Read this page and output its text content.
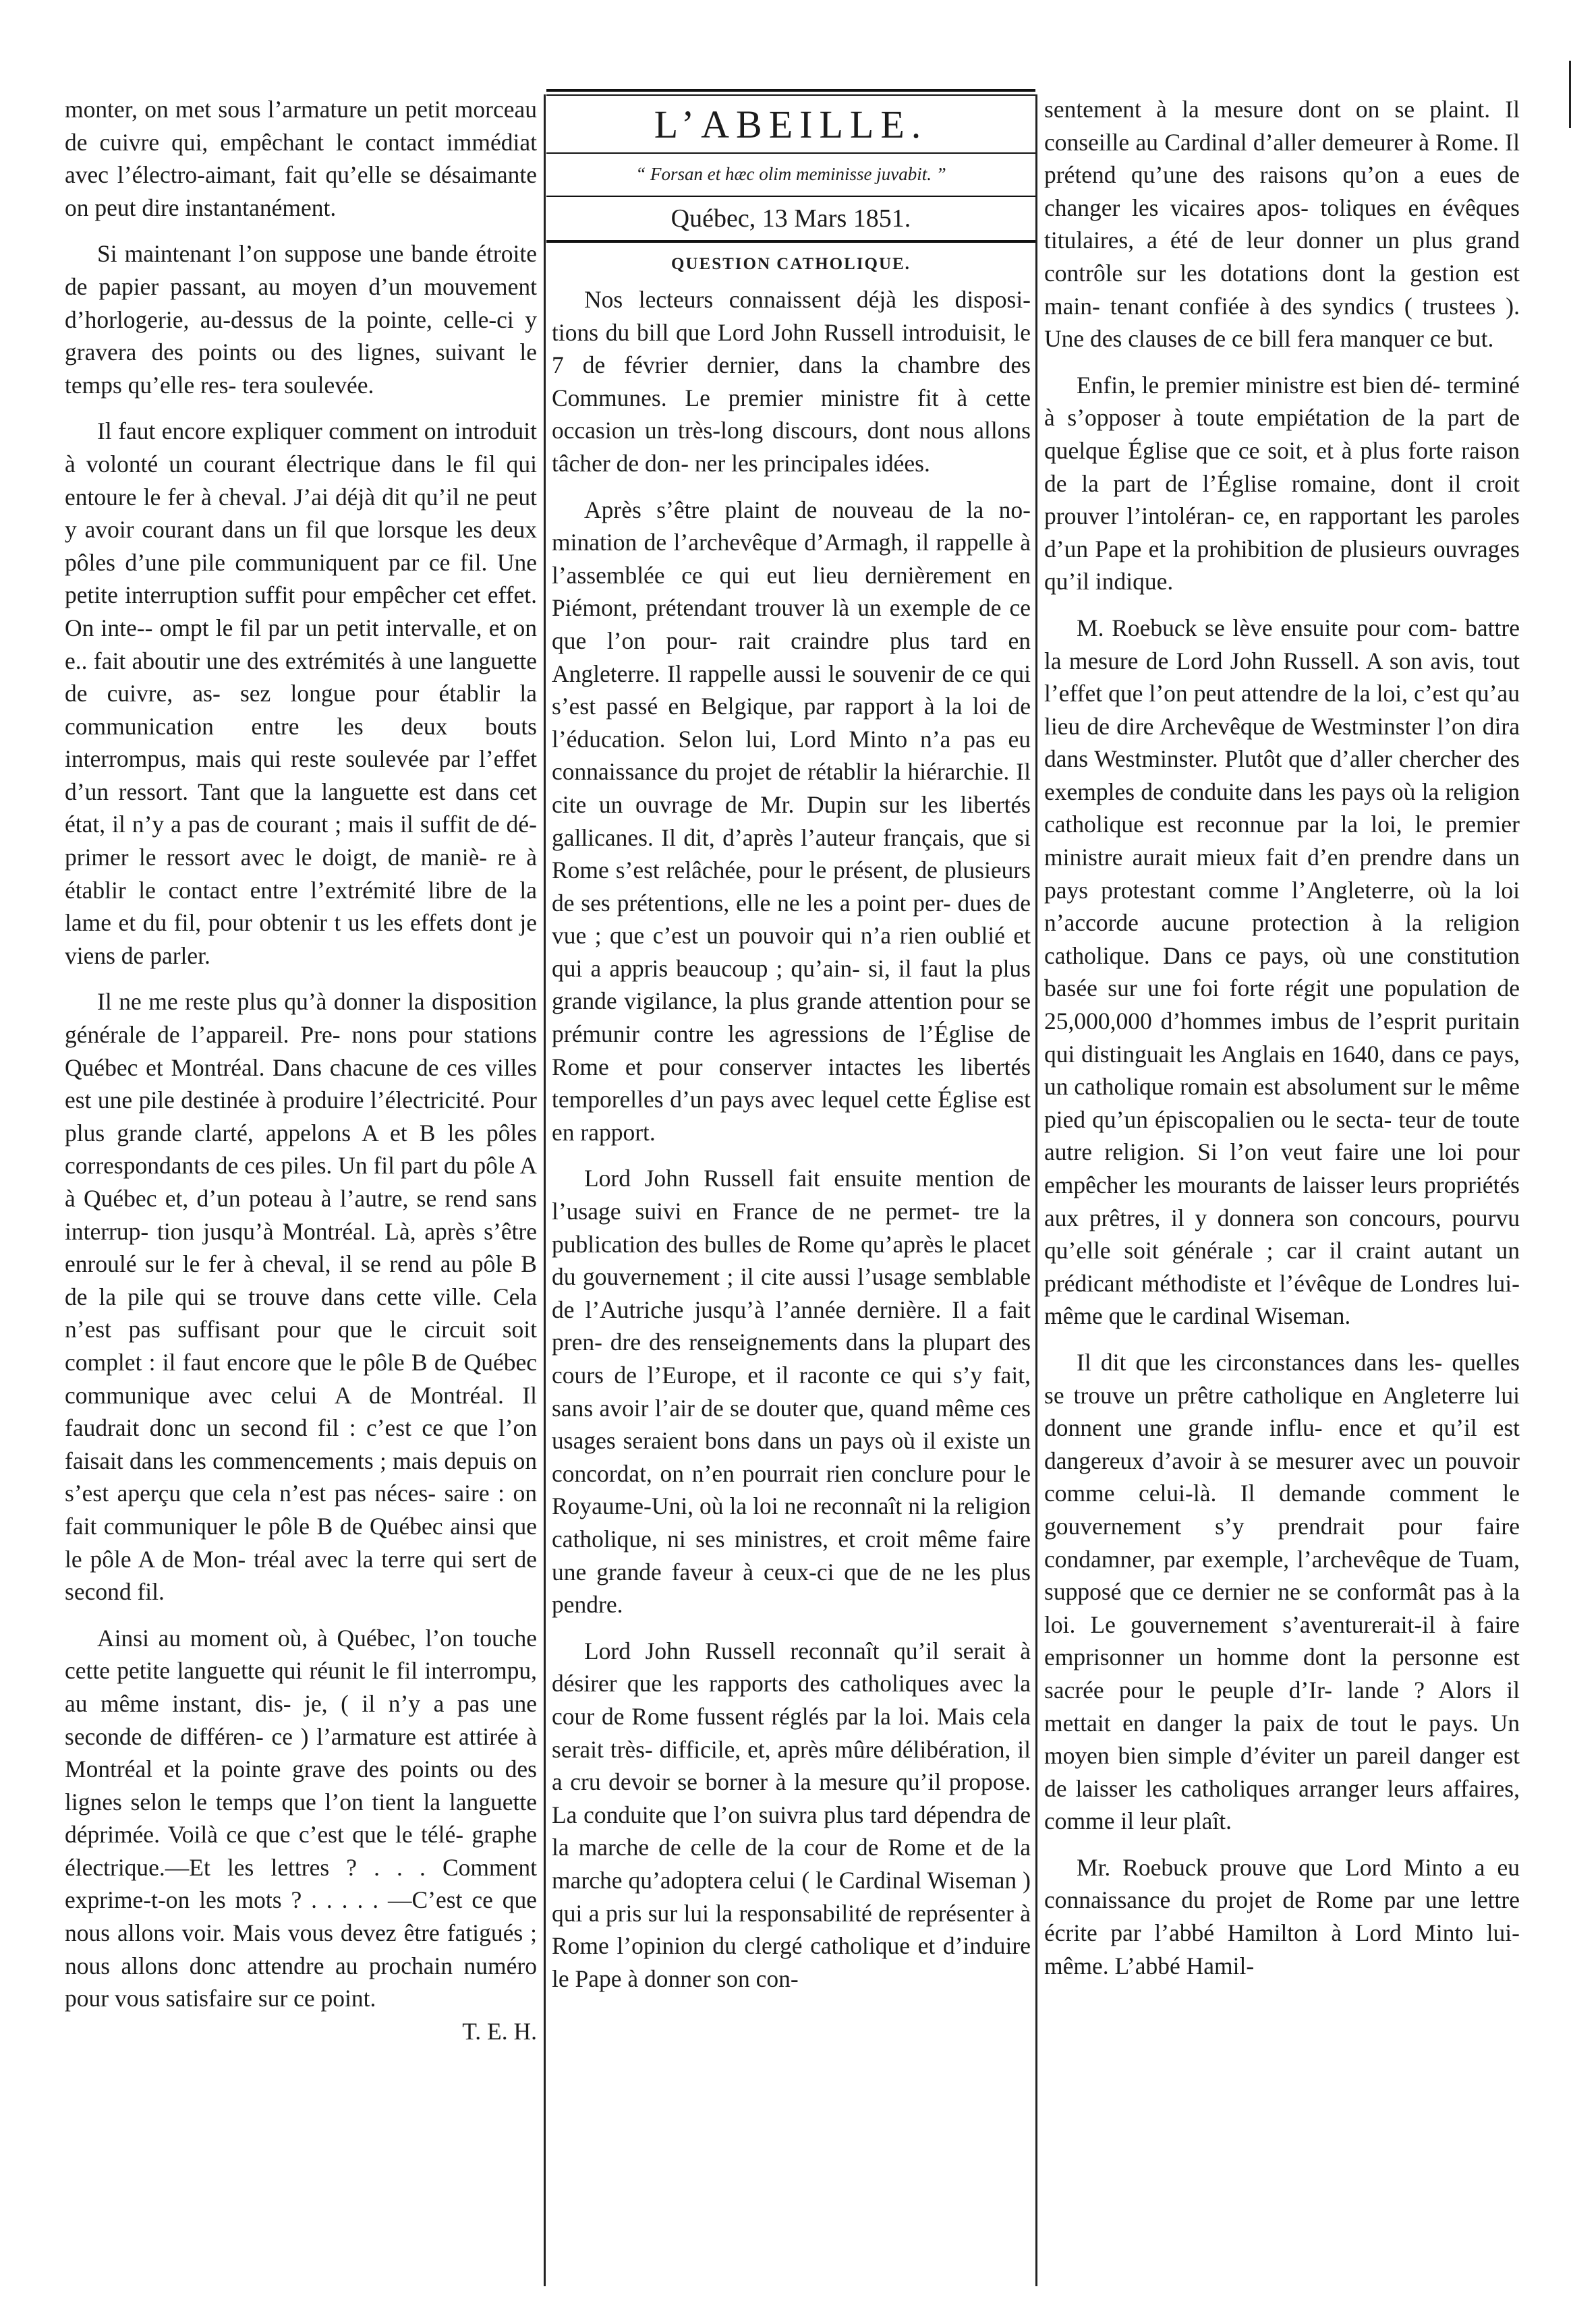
monter, on met sous l’armature un petit morceau de cuivre qui, empêchant le contact immédiat avec l’électro-aimant, fait qu’elle se désaimante on peut dire instantanément.

Si maintenant l’on suppose une bande étroite de papier passant, au moyen d’un mouvement d’horlogerie, au-dessus de la pointe, celle-ci y gravera des points ou des lignes, suivant le temps qu’elle res- tera soulevée.

Il faut encore expliquer comment on introduit à volonté un courant électrique dans le fil qui entoure le fer à cheval. J’ai déjà dit qu’il ne peut y avoir courant dans un fil que lorsque les deux pôles d’une pile communiquent par ce fil. Une petite interruption suffit pour empêcher cet effet. On inte-- ompt le fil par un petit intervalle, et on e.. fait aboutir une des extrémités à une languette de cuivre, as- sez longue pour établir la communication entre les deux bouts interrompus, mais qui reste soulevée par l’effet d’un ressort. Tant que la languette est dans cet état, il n’y a pas de courant ; mais il suffit de dé- primer le ressort avec le doigt, de maniè- re à établir le contact entre l’extrémité libre de la lame et du fil, pour obtenir t us les effets dont je viens de parler.

Il ne me reste plus qu’à donner la disposition générale de l’appareil. Pre- nons pour stations Québec et Montréal. Dans chacune de ces villes est une pile destinée à produire l’électricité. Pour plus grande clarté, appelons A et B les pôles correspondants de ces piles. Un fil part du pôle A à Québec et, d’un poteau à l’autre, se rend sans interrup- tion jusqu’à Montréal. Là, après s’être enroulé sur le fer à cheval, il se rend au pôle B de la pile qui se trouve dans cette ville. Cela n’est pas suffisant pour que le circuit soit complet : il faut encore que le pôle B de Québec communique avec celui A de Montréal. Il faudrait donc un second fil : c’est ce que l’on faisait dans les commencements ; mais depuis on s’est aperçu que cela n’est pas néces- saire : on fait communiquer le pôle B de Québec ainsi que le pôle A de Mon- tréal avec la terre qui sert de second fil.

Ainsi au moment où, à Québec, l’on touche cette petite languette qui réunit le fil interrompu, au même instant, dis- je, ( il n’y a pas une seconde de différen- ce ) l’armature est attirée à Montréal et la pointe grave des points ou des lignes selon le temps que l’on tient la languette déprimée. Voilà ce que c’est que le télé- graphe électrique.—Et les lettres ? . . . Comment exprime-t-on les mots ? . . . . . —C’est ce que nous allons voir. Mais vous devez être fatigués ; nous allons donc attendre au prochain numéro pour vous satisfaire sur ce point.
T. E. H.

L’ABEILLE.
“ Forsan et hæc olim meminisse juvabit. ”
Québec, 13 Mars 1851.
QUESTION CATHOLIQUE.

Nos lecteurs connaissent déjà les disposi- tions du bill que Lord John Russell introduisit, le 7 de février dernier, dans la chambre des Communes. Le premier ministre fit à cette occasion un très-long discours, dont nous allons tâcher de don- ner les principales idées.

Après s’être plaint de nouveau de la no- mination de l’archevêque d’Armagh, il rappelle à l’assemblée ce qui eut lieu dernièrement en Piémont, prétendant trouver là un exemple de ce que l’on pour- rait craindre plus tard en Angleterre. Il rappelle aussi le souvenir de ce qui s’est passé en Belgique, par rapport à la loi de l’éducation. Selon lui, Lord Minto n’a pas eu connaissance du projet de rétablir la hiérarchie. Il cite un ouvrage de Mr. Dupin sur les libertés gallicanes. Il dit, d’après l’auteur français, que si Rome s’est relâchée, pour le présent, de plusieurs de ses prétentions, elle ne les a point per- dues de vue ; que c’est un pouvoir qui n’a rien oublié et qui a appris beaucoup ; qu’ain- si, il faut la plus grande vigilance, la plus grande attention pour se prémunir contre les agressions de l’Église de Rome et pour conserver intactes les libertés temporelles d’un pays avec lequel cette Église est en rapport.

Lord John Russell fait ensuite mention de l’usage suivi en France de ne permet- tre la publication des bulles de Rome qu’après le placet du gouvernement ; il cite aussi l’usage semblable de l’Autriche jusqu’à l’année dernière. Il a fait pren- dre des renseignements dans la plupart des cours de l’Europe, et il raconte ce qui s’y fait, sans avoir l’air de se douter que, quand même ces usages seraient bons dans un pays où il existe un concordat, on n’en pourrait rien conclure pour le Royaume-Uni, où la loi ne reconnaît ni la religion catholique, ni ses ministres, et croit même faire une grande faveur à ceux-ci que de ne les plus pendre.

Lord John Russell reconnaît qu’il serait à désirer que les rapports des catholiques avec la cour de Rome fussent réglés par la loi. Mais cela serait très- difficile, et, après mûre délibération, il a cru devoir se borner à la mesure qu’il propose. La conduite que l’on suivra plus tard dépendra de la marche de celle de la cour de Rome et de la marche qu’adoptera celui ( le Cardinal Wiseman ) qui a pris sur lui la responsabilité de représenter à Rome l’opinion du clergé catholique et d’induire le Pape à donner son con-

sentement à la mesure dont on se plaint. Il conseille au Cardinal d’aller demeurer à Rome. Il prétend qu’une des raisons qu’on a eues de changer les vicaires apos- toliques en évêques titulaires, a été de leur donner un plus grand contrôle sur les dotations dont la gestion est main- tenant confiée à des syndics ( trustees ). Une des clauses de ce bill fera manquer ce but.

Enfin, le premier ministre est bien dé- terminé à s’opposer à toute empiétation de la part de quelque Église que ce soit, et à plus forte raison de la part de l’Église romaine, dont il croit prouver l’intoléran- ce, en rapportant les paroles d’un Pape et la prohibition de plusieurs ouvrages qu’il indique.

M. Roebuck se lève ensuite pour com- battre la mesure de Lord John Russell. A son avis, tout l’effet que l’on peut attendre de la loi, c’est qu’au lieu de dire Archevêque de Westminster l’on dira dans Westminster. Plutôt que d’aller chercher des exemples de conduite dans les pays où la religion catholique est reconnue par la loi, le premier ministre aurait mieux fait d’en prendre dans un pays protestant comme l’Angleterre, où la loi n’accorde aucune protection à la religion catholique. Dans ce pays, où une constitution basée sur une foi forte régit une population de 25,000,000 d’hommes imbus de l’esprit puritain qui distinguait les Anglais en 1640, dans ce pays, un catholique romain est absolument sur le même pied qu’un épiscopalien ou le secta- teur de toute autre religion. Si l’on veut faire une loi pour empêcher les mourants de laisser leurs propriétés aux prêtres, il y donnera son concours, pourvu qu’elle soit générale ; car il craint autant un prédicant méthodiste et l’évêque de Londres lui- même que le cardinal Wiseman.

Il dit que les circonstances dans les- quelles se trouve un prêtre catholique en Angleterre lui donnent une grande influ- ence et qu’il est dangereux d’avoir à se mesurer avec un pouvoir comme celui-là. Il demande comment le gouvernement s’y prendrait pour faire condamner, par exemple, l’archevêque de Tuam, supposé que ce dernier ne se conformât pas à la loi. Le gouvernement s’aventurerait-il à faire emprisonner un homme dont la personne est sacrée pour le peuple d’Ir- lande ? Alors il mettait en danger la paix de tout le pays. Un moyen bien simple d’éviter un pareil danger est de laisser les catholiques arranger leurs affaires, comme il leur plaît.

Mr. Roebuck prouve que Lord Minto a eu connaissance du projet de Rome par une lettre écrite par l’abbé Hamilton à Lord Minto lui-même. L’abbé Hamil-
